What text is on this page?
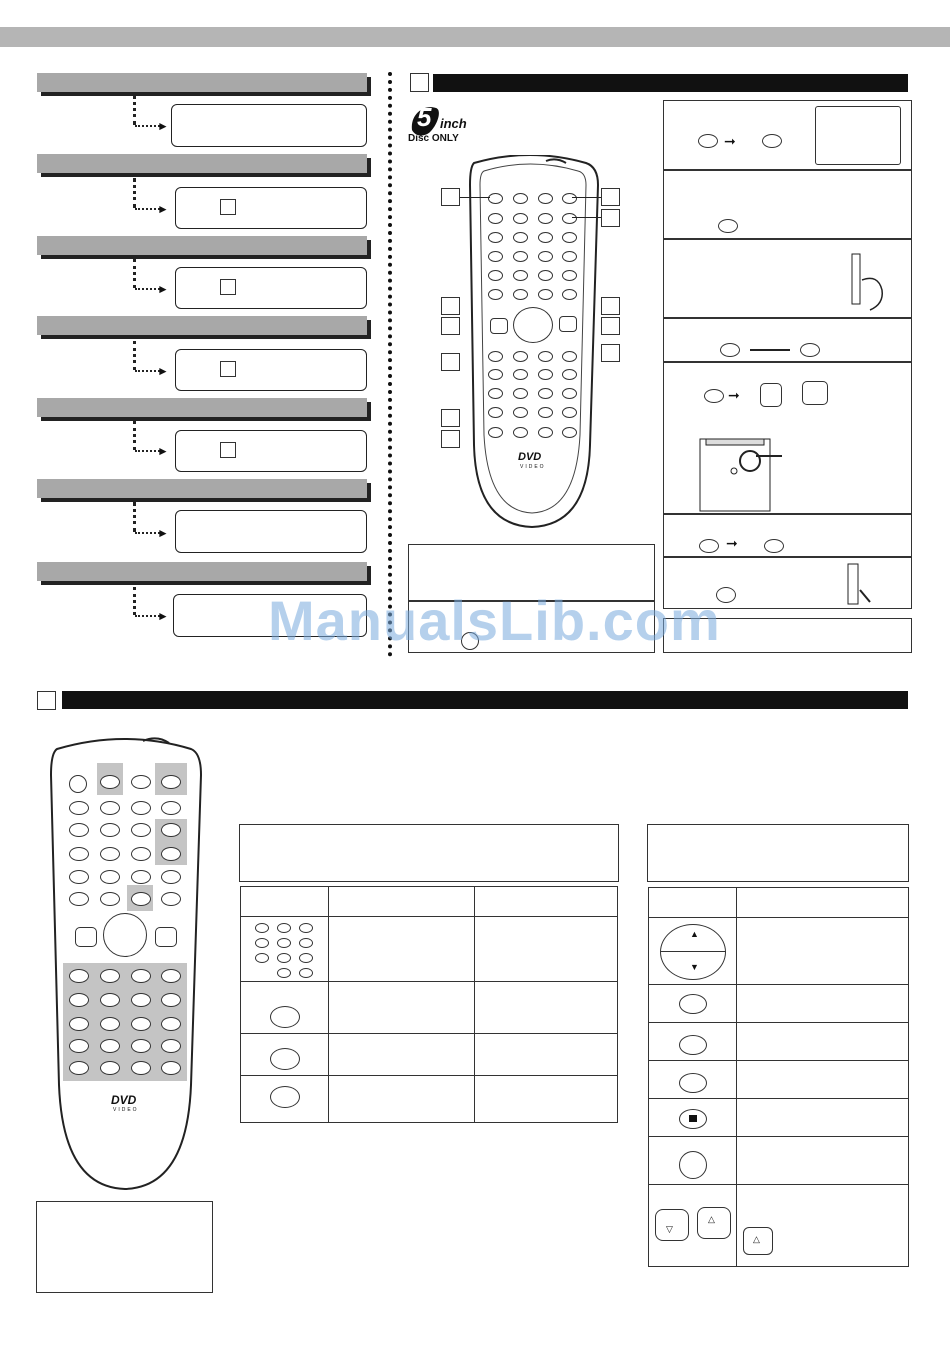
►
►
►
►
►
►
►
5 inch
Disc ONLY
DVD
VIDEO
➞
➞
➞
ManualsLib.com
DVD
VIDEO
▲
▼
▽
△
△
